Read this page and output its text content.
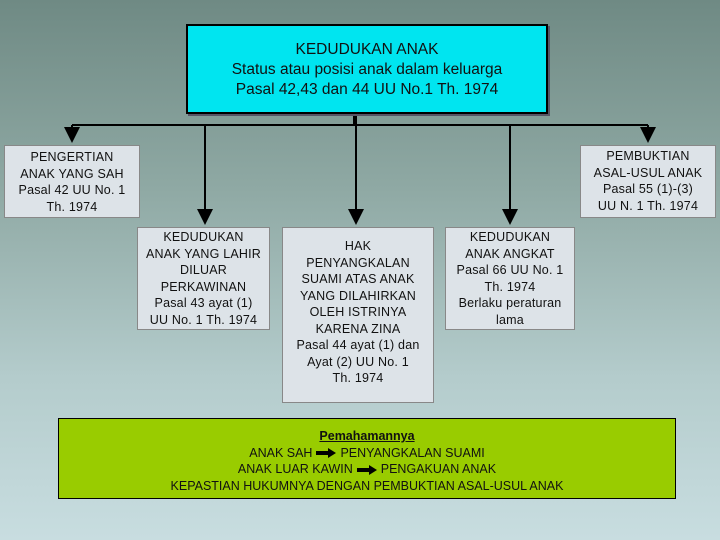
KEDUDUKAN ANAK
Status atau posisi anak dalam keluarga
Pasal 42,43 dan 44 UU No.1 Th. 1974
PENGERTIAN
ANAK YANG SAH
Pasal 42 UU No. 1
Th. 1974
PEMBUKTIAN
ASAL-USUL ANAK
Pasal 55 (1)-(3)
UU N. 1 Th. 1974
KEDUDUKAN
ANAK YANG LAHIR
DILUAR
PERKAWINAN
Pasal 43 ayat (1)
UU No. 1 Th. 1974
HAK
PENYANGKALAN
SUAMI ATAS ANAK
YANG DILAHIRKAN
OLEH ISTRINYA
KARENA ZINA
Pasal 44 ayat (1) dan
Ayat (2) UU No. 1
Th. 1974
KEDUDUKAN
ANAK ANGKAT
Pasal 66 UU No. 1
Th. 1974
Berlaku peraturan
lama
Pemahamannya
ANAK SAH PENYANGKALAN SUAMI
ANAK LUAR KAWIN PENGAKUAN ANAK
KEPASTIAN HUKUMNYA DENGAN PEMBUKTIAN ASAL-USUL ANAK
